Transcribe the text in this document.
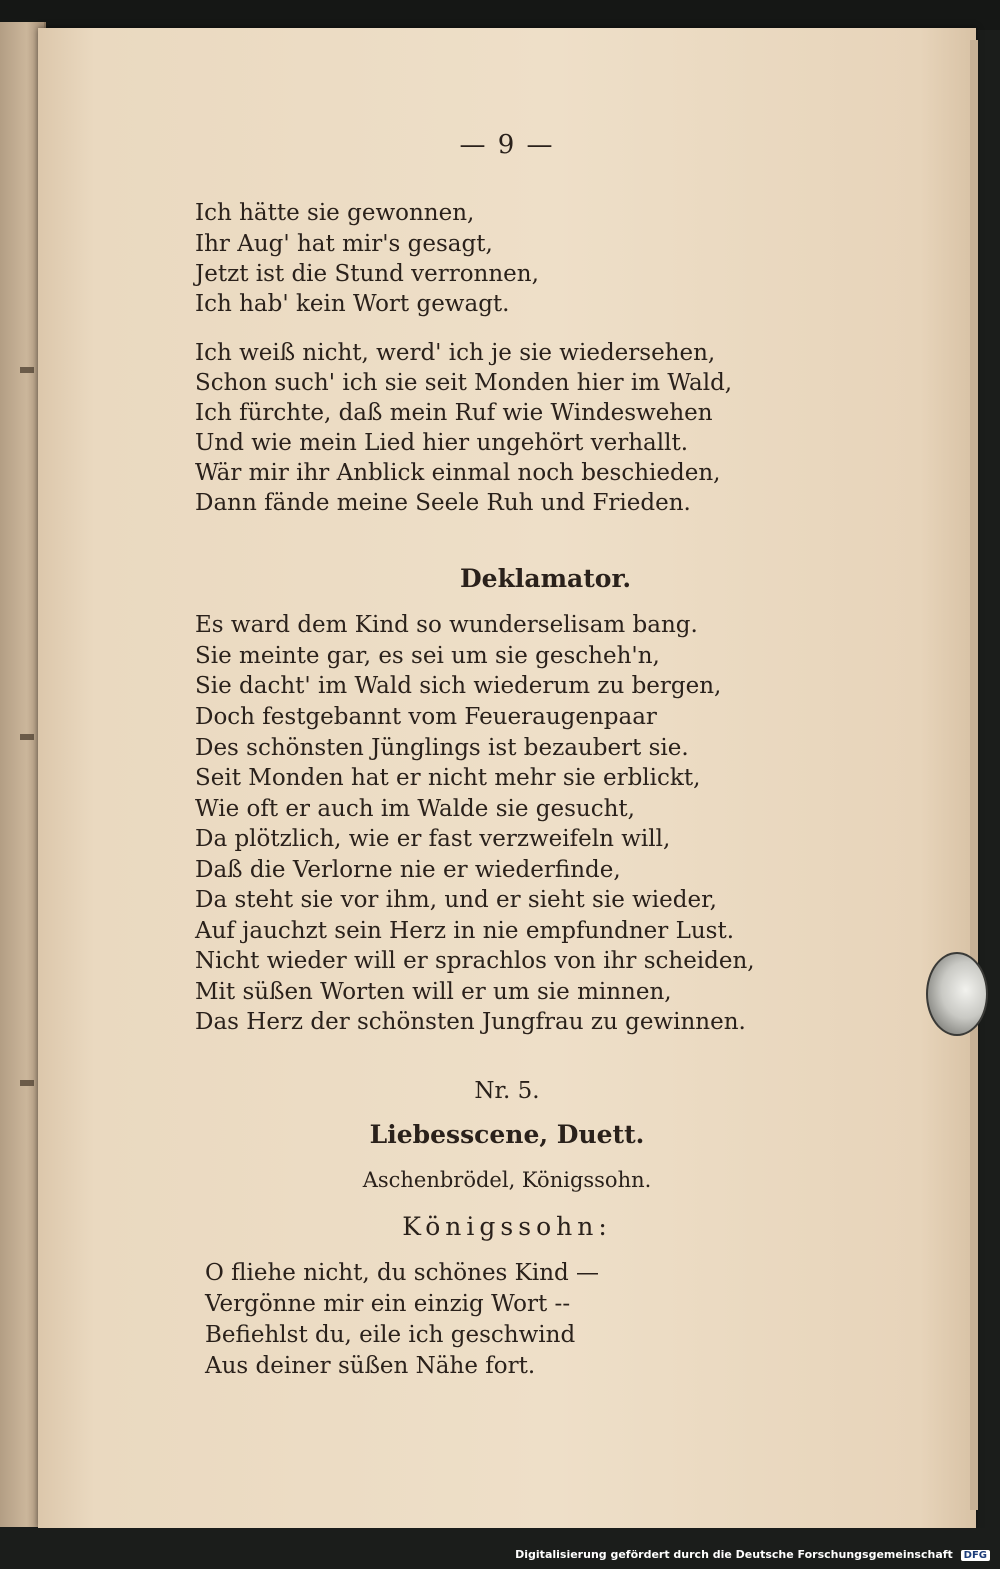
— 9 —

Ich hätte sie gewonnen,

Ihr Aug' hat mir's gesagt,

Jetzt ist die Stund verronnen,

Ich hab' kein Wort gewagt.

Ich weiß nicht, werd' ich je sie wiedersehen,

Schon such' ich sie seit Monden hier im Wald,

Ich fürchte, daß mein Ruf wie Windeswehen

Und wie mein Lied hier ungehört verhallt.

Wär mir ihr Anblick einmal noch beschieden,

Dann fände meine Seele Ruh und Frieden.

Deklamator.

Es ward dem Kind so wunderselisam bang.

Sie meinte gar, es sei um sie gescheh'n,

Sie dacht' im Wald sich wiederum zu bergen,

Doch festgebannt vom Feueraugenpaar

Des schönsten Jünglings ist bezaubert sie.

Seit Monden hat er nicht mehr sie erblickt,

Wie oft er auch im Walde sie gesucht,

Da plötzlich, wie er fast verzweifeln will,

Daß die Verlorne nie er wiederfinde,

Da steht sie vor ihm, und er sieht sie wieder,

Auf jauchzt sein Herz in nie empfundner Lust.

Nicht wieder will er sprachlos von ihr scheiden,

Mit süßen Worten will er um sie minnen,

Das Herz der schönsten Jungfrau zu gewinnen.

Nr. 5.
Liebesscene, Duett.
Aschenbrödel, Königssohn.
Königssohn:

O fliehe nicht, du schönes Kind —

Vergönne mir ein einzig Wort --

Befiehlst du, eile ich geschwind

Aus deiner süßen Nähe fort.

Digitalisierung gefördert durch die Deutsche Forschungsgemeinschaft DFG
